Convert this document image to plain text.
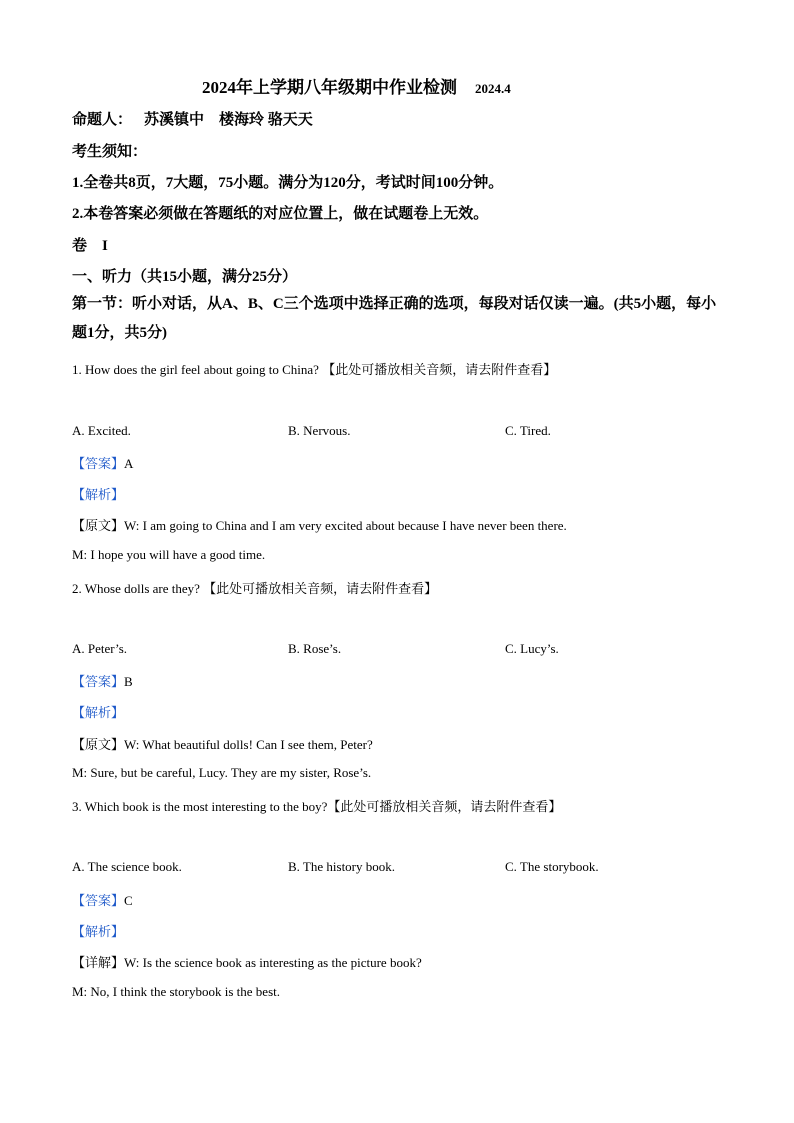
2024年上学期八年级期中作业检测 2024.4
命题人： 苏溪镇中　楼海玲 骆天天
考生须知：
1.全卷共8页，7大题，75小题。满分为120分，考试时间100分钟。
2.本卷答案必须做在答题纸的对应位置上，做在试题卷上无效。
卷　I
一、听力（共15小题，满分25分）
第一节：听小对话，从A、B、C三个选项中选择正确的选项，每段对话仅读一遍。(共5小题，每小题1分，共5分)
1. How does the girl feel about going to China? 【此处可播放相关音频，请去附件查看】
A. Excited.	B. Nervous.	C. Tired.
【答案】A
【解析】
【原文】W: I am going to China and I am very excited about because I have never been there.
M: I hope you will have a good time.
2. Whose dolls are they? 【此处可播放相关音频，请去附件查看】
A. Peter’s.	B. Rose’s.	C. Lucy’s.
【答案】B
【解析】
【原文】W: What beautiful dolls! Can I see them, Peter?
M: Sure, but be careful, Lucy. They are my sister, Rose’s.
3. Which book is the most interesting to the boy?【此处可播放相关音频，请去附件查看】
A. The science book.	B. The history book.	C. The storybook.
【答案】C
【解析】
【详解】W: Is the science book as interesting as the picture book?
M: No, I think the storybook is the best.
